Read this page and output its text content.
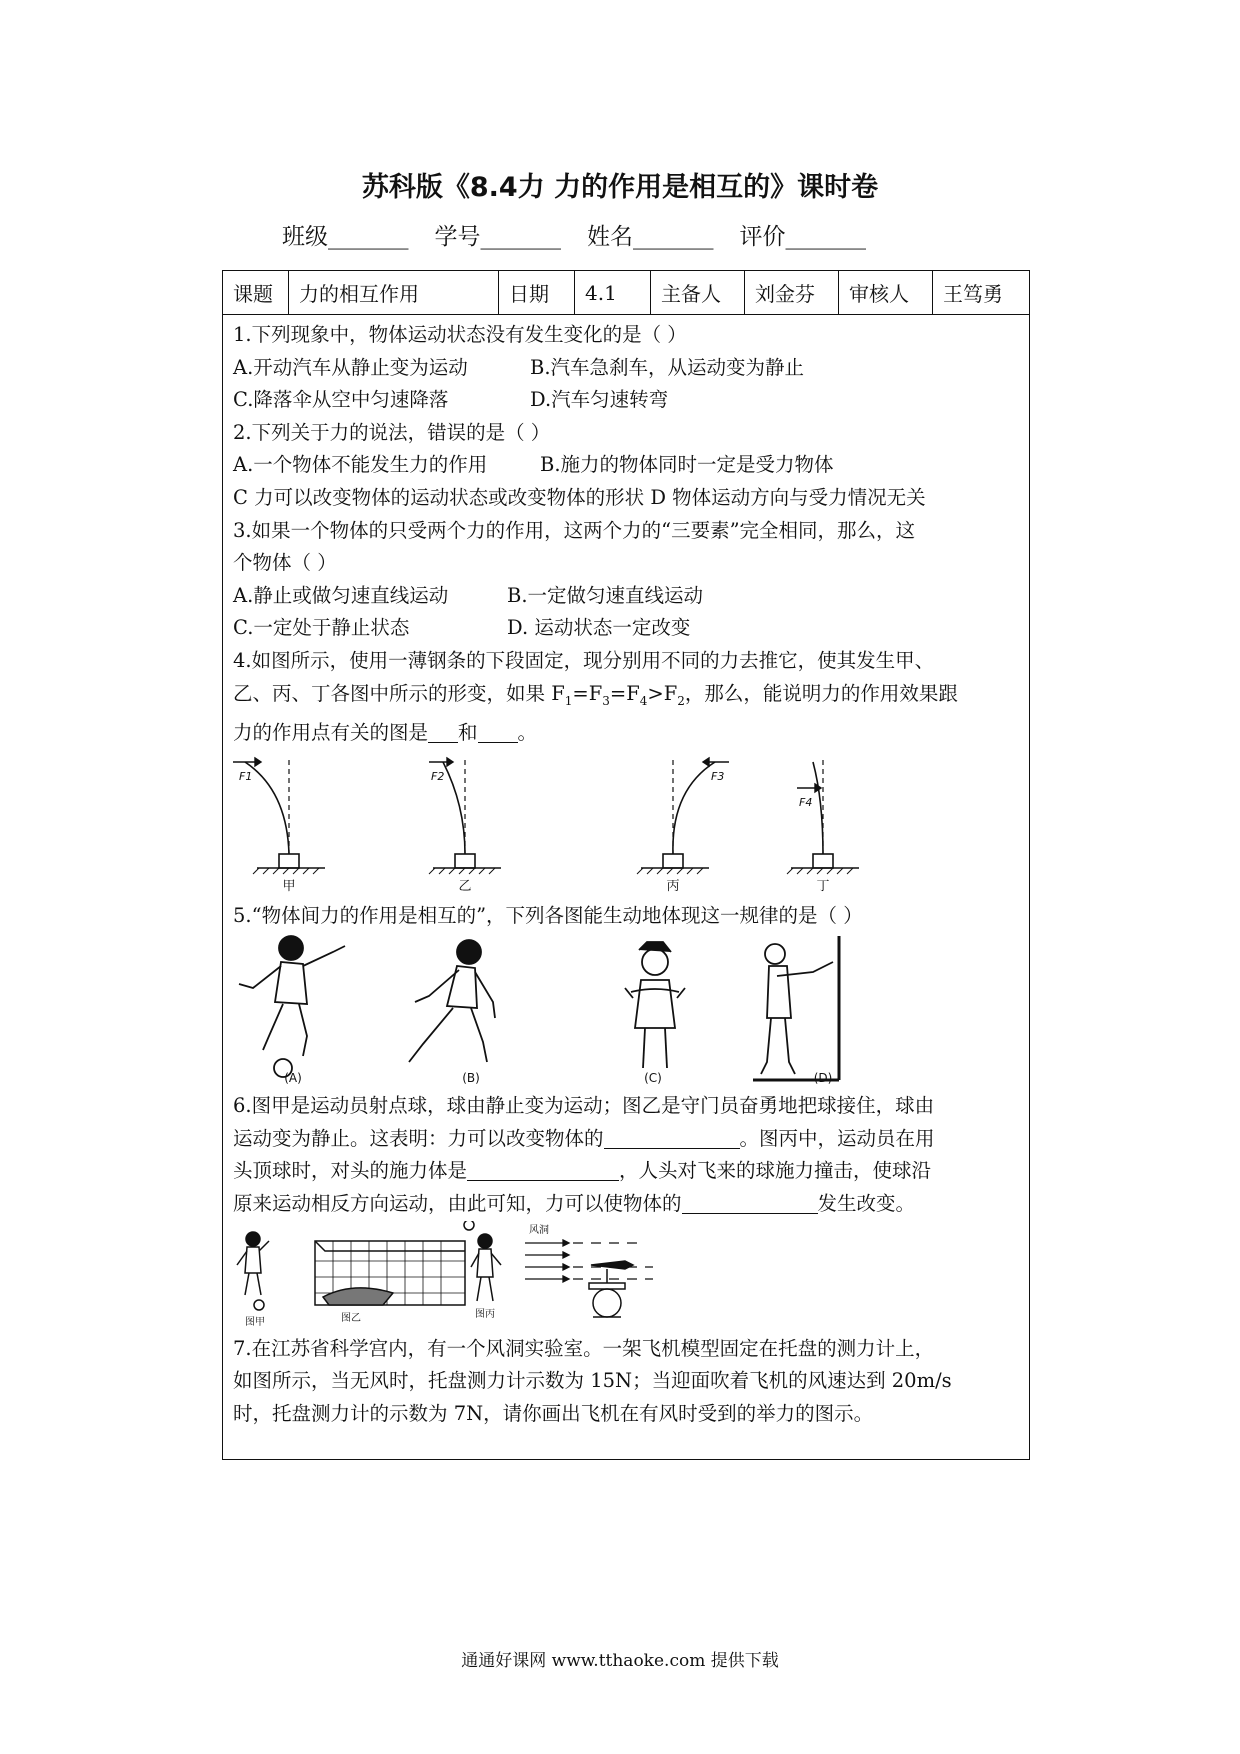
苏科版《8.4力 力的作用是相互的》课时卷
班级_______ 学号_______ 姓名_______ 评价_______
课题	力的相互作用	日期	4.1	主备人	刘金芬	审核人	王笃勇
1.下列现象中，物体运动状态没有发生变化的是（ ）
A.开动汽车从静止变为运动	B.汽车急刹车，从运动变为静止
C.降落伞从空中匀速降落	D.汽车匀速转弯
2.下列关于力的说法，错误的是（ ）
A.一个物体不能发生力的作用	B.施力的物体同时一定是受力物体
C 力可以改变物体的运动状态或改变物体的形状 D 物体运动方向与受力情况无关
3.如果一个物体的只受两个力的作用，这两个力的“三要素”完全相同，那么，这
个物体（ ）
A.静止或做匀速直线运动	B.一定做匀速直线运动
C.一定处于静止状态	D. 运动状态一定改变
4.如图所示，使用一薄钢条的下段固定，现分别用不同的力去推它，使其发生甲、
乙、丙、丁各图中所示的形变，如果 $F_1=F_3=F_4>F_2$，那么，能说明力的作用效果跟
力的作用点有关的图是 和 。
F1	F2	F3
F4
甲	乙	丙	丁
5.“物体间力的作用是相互的”，下列各图能生动地体现这一规律的是（ ）
(A)	(B)	(C)	(D)
6.图甲是运动员射点球，球由静止变为运动；图乙是守门员奋勇地把球接住，球由
运动变为静止。这表明：力可以改变物体的	。图丙中，运动员在用
头顶球时，对头的施力体是	，人头对飞来的球施力撞击，使球沿
原来运动相反方向运动，由此可知，力可以使物体的	发生改变。
图甲	图乙	图丙
风洞
7.在江苏省科学宫内，有一个风洞实验室。一架飞机模型固定在托盘的测力计上，
如图所示，当无风时，托盘测力计示数为 15N；当迎面吹着飞机的风速达到 20m/s
时，托盘测力计的示数为 7N，请你画出飞机在有风时受到的举力的图示。
通通好课网 www.tthaoke.com 提供下载
